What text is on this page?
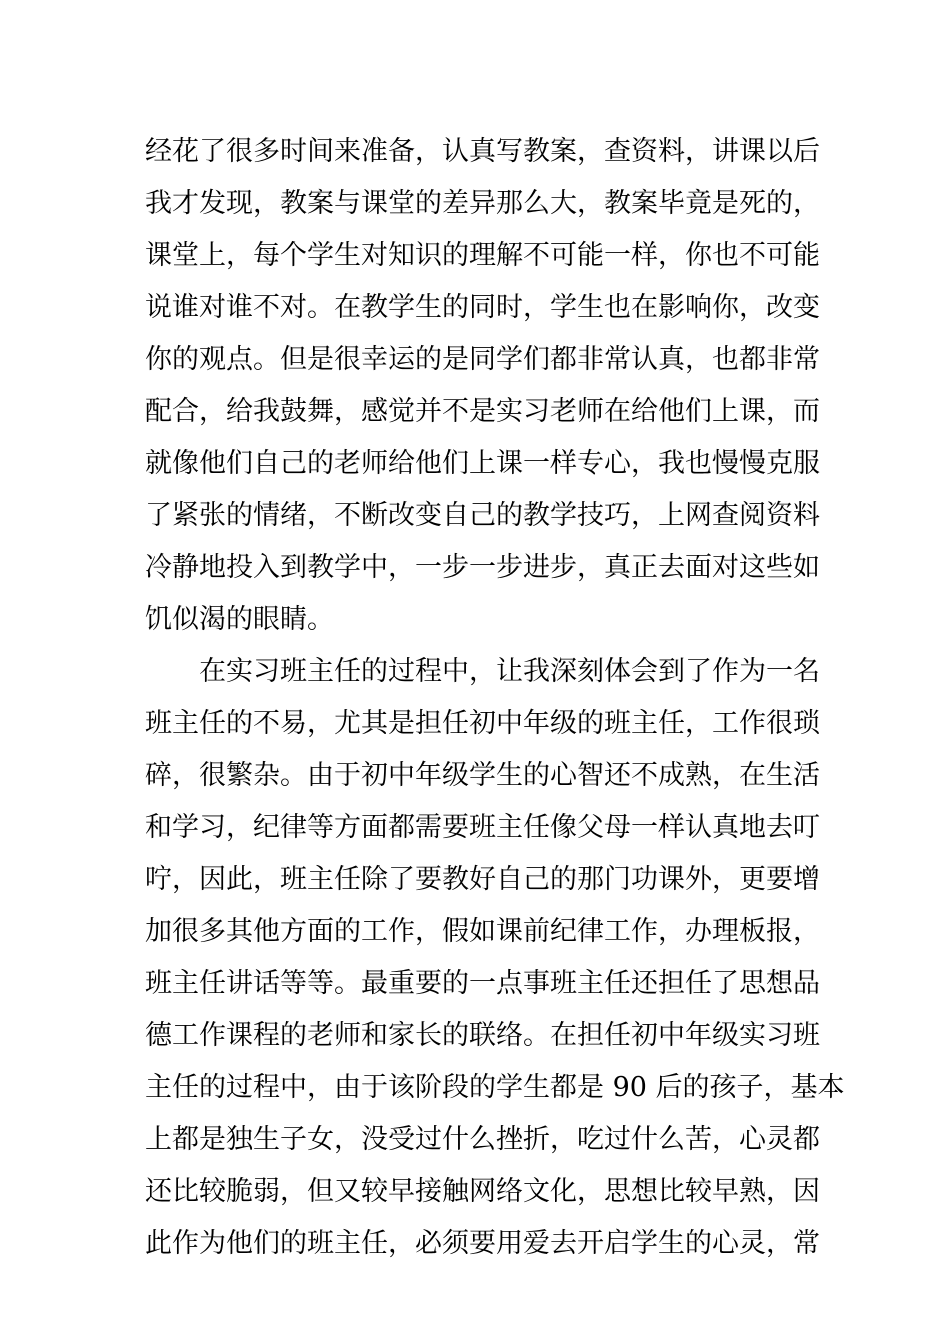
经花了很多时间来准备，认真写教案，查资料，讲课以后
我才发现，教案与课堂的差异那么大，教案毕竟是死的，
课堂上，每个学生对知识的理解不可能一样，你也不可能
说谁对谁不对。在教学生的同时，学生也在影响你，改变
你的观点。但是很幸运的是同学们都非常认真，也都非常
配合，给我鼓舞，感觉并不是实习老师在给他们上课，而
就像他们自己的老师给他们上课一样专心，我也慢慢克服
了紧张的情绪，不断改变自己的教学技巧，上网查阅资料
冷静地投入到教学中，一步一步进步，真正去面对这些如
饥似渴的眼睛。
在实习班主任的过程中，让我深刻体会到了作为一名
班主任的不易，尤其是担任初中年级的班主任，工作很琐
碎，很繁杂。由于初中年级学生的心智还不成熟，在生活
和学习，纪律等方面都需要班主任像父母一样认真地去叮
咛，因此，班主任除了要教好自己的那门功课外，更要增
加很多其他方面的工作，假如课前纪律工作，办理板报，
班主任讲话等等。最重要的一点事班主任还担任了思想品
德工作课程的老师和家长的联络。在担任初中年级实习班
主任的过程中，由于该阶段的学生都是 90 后的孩子，基本
上都是独生子女，没受过什么挫折，吃过什么苦，心灵都
还比较脆弱，但又较早接触网络文化，思想比较早熟，因
此作为他们的班主任，必须要用爱去开启学生的心灵，常
